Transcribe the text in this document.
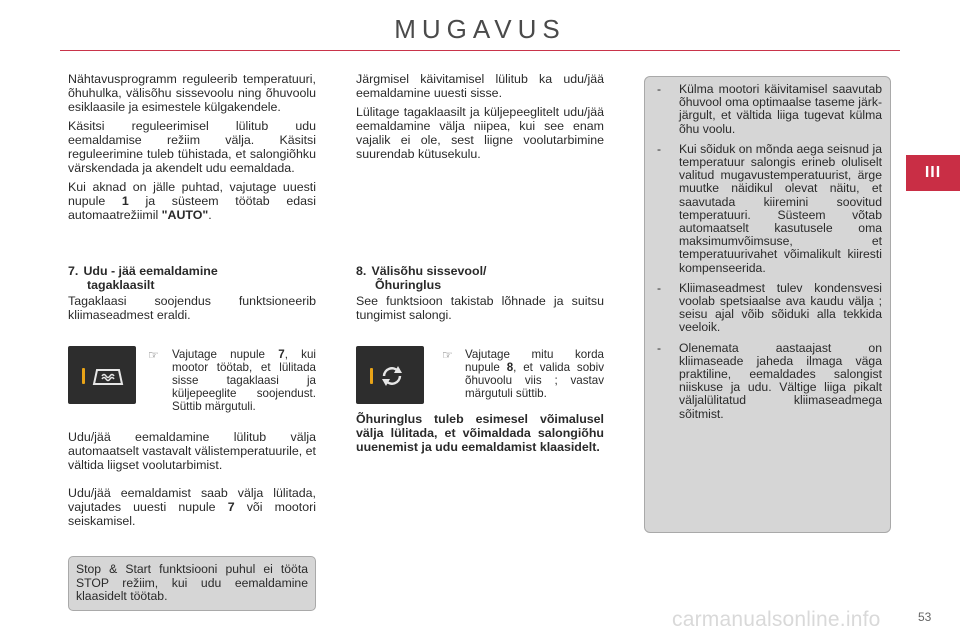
MUGAVUS
III

Nähtavusprogramm reguleerib temperatuuri, õhuhulka, välisõhu sissevoolu ning õhuvoolu esiklaasile ja esimestele külgakendele.

Käsitsi reguleerimisel lülitub udu eemaldamise režiim välja. Käsitsi reguleerimine tuleb tühistada, et salongiõhku värskendada ja akendelt udu eemaldada.

Kui aknad on jälle puhtad, vajutage uuesti nupule 1 ja süsteem töötab edasi automaatrežiimil "AUTO".

Järgmisel käivitamisel lülitub ka udu/jää eemaldamine uuesti sisse.

Lülitage tagaklaasilt ja küljepeeglitelt udu/jää eemaldamine välja niipea, kui see enam vajalik ei ole, sest liigne voolutarbimine suurendab kütusekulu.

7. Udu - jää eemaldamine
tagaklaasilt
Tagaklaasi soojendus funktsioneerib kliimaseadmest eraldi.
☞ Vajutage nupule 7, kui mootor töötab, et lülitada sisse tagaklaasi ja küljepeeglite soojendust. Süttib märgutuli.
Udu/jää eemaldamine lülitub välja automaatselt vastavalt välistemperatuurile, et vältida liigset voolutarbimist.
Udu/jää eemaldamist saab välja lülitada, vajutades uuesti nupule 7 või mootori seiskamisel.
8. Välisõhu sissevool/
Õhuringlus
See funktsioon takistab lõhnade ja suitsu tungimist salongi.
☞ Vajutage mitu korda nupule 8, et valida sobiv õhuvoolu viis ; vastav märgutuli süttib.
Õhuringlus tuleb esimesel võimalusel välja lülitada, et võimaldada salongiõhu uuenemist ja udu eemaldamist klaasidelt.
Stop & Start funktsiooni puhul ei tööta STOP režiim, kui udu eemaldamine klaasidelt töötab.
-	Külma mootori käivitamisel saavutab õhuvool oma optimaalse taseme järk-järgult, et vältida liiga tugevat külma õhu voolu.
-	Kui sõiduk on mõnda aega seisnud ja temperatuur salongis erineb oluliselt valitud mugavustemperatuurist, ärge muutke näidikul olevat näitu, et saavutada kiiremini soovitud temperatuuri. Süsteem võtab automaatselt kasutusele oma maksimumvõimsuse, et temperatuurivahet võimalikult kiiresti kompenseerida.
-	Kliimaseadmest tulev kondensvesi voolab spetsiaalse ava kaudu välja ; seisu ajal võib sõiduki alla tekkida veeloik.
-	Olenemata aastaajast on kliimaseade jaheda ilmaga väga praktiline, eemaldades salongist niiskuse ja udu. Vältige liiga pikalt väljalülitatud kliimaseadmega sõitmist.
carmanualsonline.info	53
